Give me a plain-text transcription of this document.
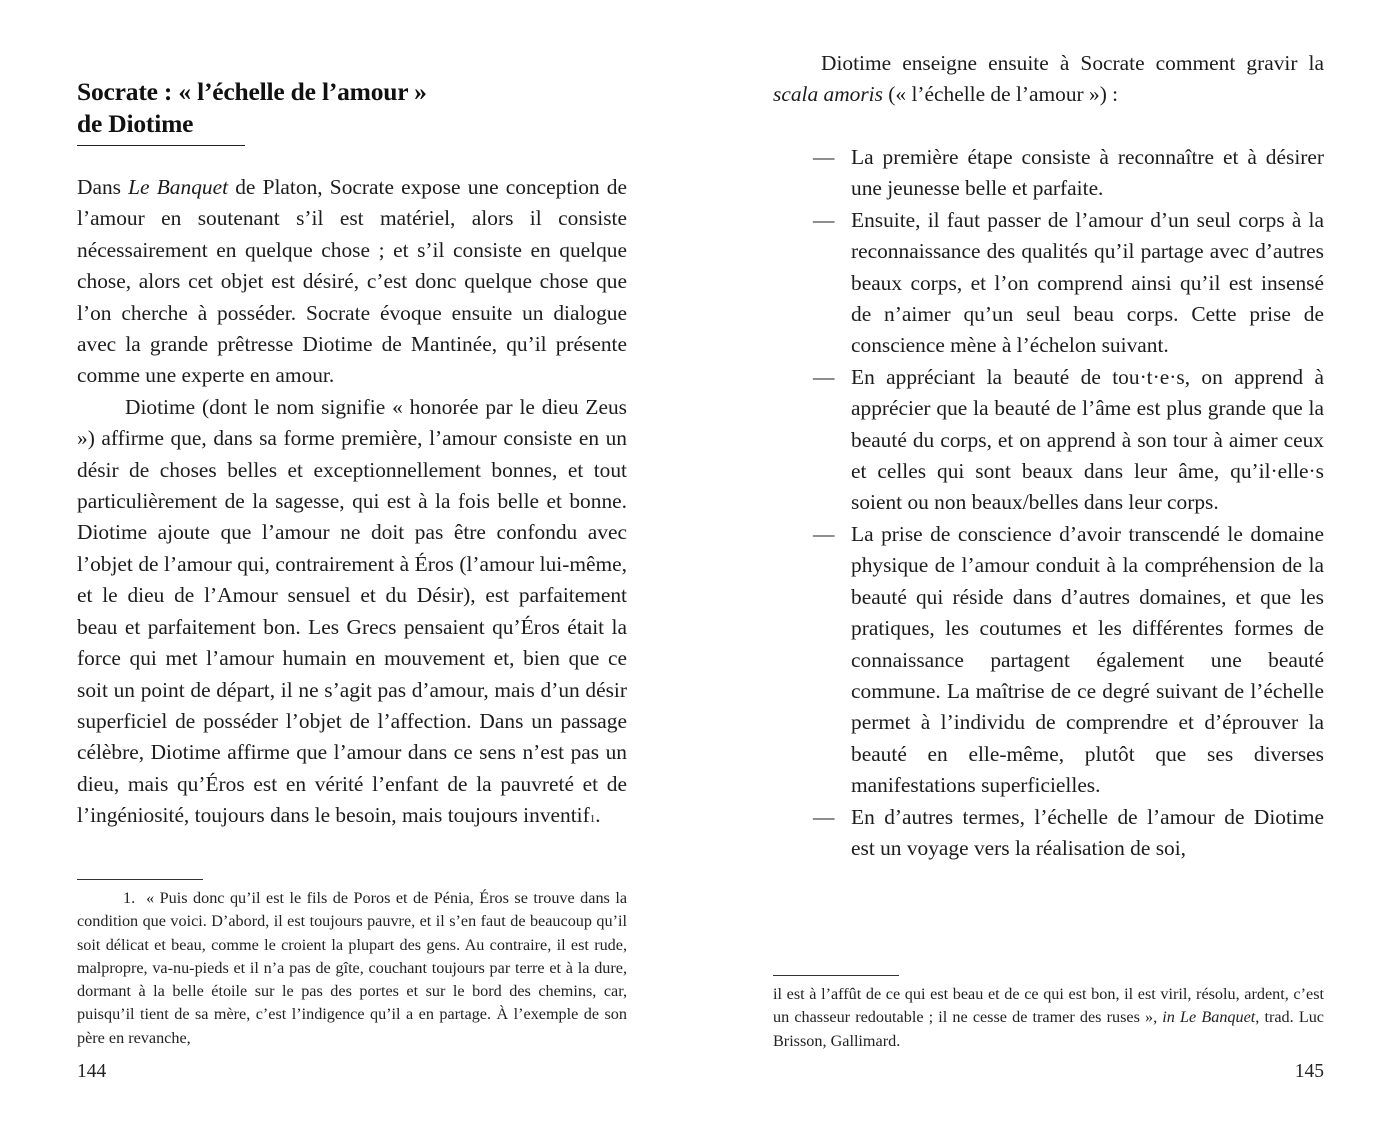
Socrate : « l’échelle de l’amour »
de Diotime

Dans Le Banquet de Platon, Socrate expose une conception de l’amour en soutenant s’il est matériel, alors il consiste nécessairement en quelque chose ; et s’il consiste en quelque chose, alors cet objet est désiré, c’est donc quelque chose que l’on cherche à posséder. Socrate évoque ensuite un dialogue avec la grande prêtresse Diotime de Mantinée, qu’il présente comme une experte en amour.

Diotime (dont le nom signifie « honorée par le dieu Zeus ») affirme que, dans sa forme première, l’amour consiste en un désir de choses belles et exceptionnellement bonnes, et tout particulièrement de la sagesse, qui est à la fois belle et bonne. Diotime ajoute que l’amour ne doit pas être confondu avec l’objet de l’amour qui, contrairement à Éros (l’amour lui-même, et le dieu de l’Amour sensuel et du Désir), est parfaitement beau et parfaitement bon. Les Grecs pensaient qu’Éros était la force qui met l’amour humain en mouvement et, bien que ce soit un point de départ, il ne s’agit pas d’amour, mais d’un désir superficiel de posséder l’objet de l’affection. Dans un passage célèbre, Diotime affirme que l’amour dans ce sens n’est pas un dieu, mais qu’Éros est en vérité l’enfant de la pauvreté et de l’ingéniosité, toujours dans le besoin, mais toujours inventif$^1$.

1. « Puis donc qu’il est le fils de Poros et de Pénia, Éros se trouve dans la condition que voici. D’abord, il est toujours pauvre, et il s’en faut de beaucoup qu’il soit délicat et beau, comme le croient la plupart des gens. Au contraire, il est rude, malpropre, va-nu-pieds et il n’a pas de gîte, couchant toujours par terre et à la dure, dormant à la belle étoile sur le pas des portes et sur le bord des chemins, car, puisqu’il tient de sa mère, c’est l’indigence qu’il a en partage. À l’exemple de son père en revanche,

144

Diotime enseigne ensuite à Socrate comment gravir la scala amoris (« l’échelle de l’amour ») :

— La première étape consiste à reconnaître et à désirer une jeunesse belle et parfaite.
— Ensuite, il faut passer de l’amour d’un seul corps à la reconnaissance des qualités qu’il partage avec d’autres beaux corps, et l’on comprend ainsi qu’il est insensé de n’aimer qu’un seul beau corps. Cette prise de conscience mène à l’échelon suivant.
— En appréciant la beauté de tou·t·e·s, on apprend à apprécier que la beauté de l’âme est plus grande que la beauté du corps, et on apprend à son tour à aimer ceux et celles qui sont beaux dans leur âme, qu’il·elle·s soient ou non beaux/belles dans leur corps.
— La prise de conscience d’avoir transcendé le domaine physique de l’amour conduit à la compréhension de la beauté qui réside dans d’autres domaines, et que les pratiques, les coutumes et les différentes formes de connaissance partagent également une beauté commune. La maîtrise de ce degré suivant de l’échelle permet à l’individu de comprendre et d’éprouver la beauté en elle-même, plutôt que ses diverses manifestations superficielles.
— En d’autres termes, l’échelle de l’amour de Diotime est un voyage vers la réalisation de soi,

il est à l’affût de ce qui est beau et de ce qui est bon, il est viril, résolu, ardent, c’est un chasseur redoutable ; il ne cesse de tramer des ruses », in Le Banquet, trad. Luc Brisson, Gallimard.

145
